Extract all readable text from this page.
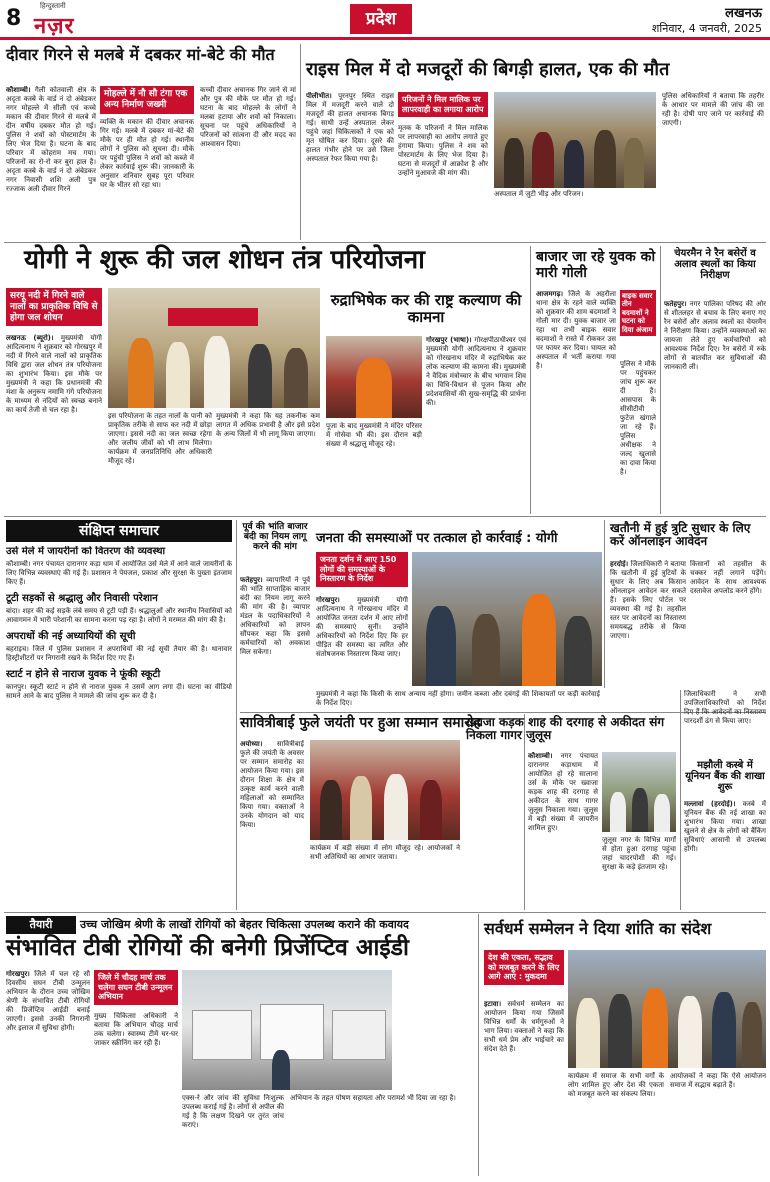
8	हिन्दुस्तानी
नज़र	प्रदेश	लखनऊ
शनिवार, 4 जनवरी, 2025
दीवार गिरने से मलबे में दबकर मां-बेटे की मौत
कौशाम्बी। गैली कोतवाली क्षेत्र के अदृता कस्बे के वार्ड नं दो अंबेडकर नगर मोहल्ले में सीली एवं कच्चे मकान की दीवार गिरने से मलबे में दीन वर्षीय दबकर मौत हो गई। पुलिस ने शवों को पोस्टमार्टम के लिए भेज दिया है। घटना के बाद परिवार में कोहराम मच गया। परिजनों का रो-रो कर बुरा हाल है। अदृता कस्बे के वार्ड नं दो अंबेडकर नगर निवासी शशि अली पुत्र रज्जाक अली दीवार गिरने
मोहल्ले में नौ सौ टंगा एक अन्य निर्माण जख्मी
व्यक्ति के मकान की दीवार अचानक गिर गई। मलबे में दबकर मां-बेटे की मौके पर ही मौत हो गई। स्थानीय लोगों ने पुलिस को सूचना दी। मौके पर पहुंची पुलिस ने शवों को कब्जे में लेकर कार्रवाई शुरू की। जानकारी के अनुसार शनिवार सुबह पूरा परिवार घर के भीतर सो रहा था।
कच्ची दीवार अचानक गिर जाने से मां और पुत्र की मौके पर मौत हो गई। घटना के बाद मोहल्ले के लोगों ने मलबा हटाया और शवों को निकाला। सूचना पर पहुंचे अधिकारियों ने परिजनों को सांत्वना दी और मदद का आश्वासन दिया।
राइस मिल में दो मजदूरों की बिगड़ी हालत, एक की मौत
पीलीभीत। पूरनपुर स्थित राइस मिल में मजदूरी करने वाले दो मजदूरों की हालत अचानक बिगड़ गई। साथी उन्हें अस्पताल लेकर पहुंचे जहां चिकित्सकों ने एक को मृत घोषित कर दिया। दूसरे की हालत गंभीर होने पर उसे जिला अस्पताल रेफर किया गया है।
परिजनों ने मिल मालिक पर लापरवाही का लगाया आरोप
मृतक के परिजनों ने मिल मालिक पर लापरवाही का आरोप लगाते हुए हंगामा किया। पुलिस ने शव को पोस्टमार्टम के लिए भेज दिया है। घटना से मजदूरों में आक्रोश है और उन्होंने मुआवजे की मांग की।
अस्पताल में जुटी भीड़ और परिजन।
पुलिस अधिकारियों ने बताया कि तहरीर के आधार पर मामले की जांच की जा रही है। दोषी पाए जाने पर कार्रवाई की जाएगी।
योगी ने शुरू की जल शोधन तंत्र परियोजना
सरयू नदी में गिरने वाले नालों का प्राकृतिक विधि से होगा जल शोधन
लखनऊ (ब्यूरो)। मुख्यमंत्री योगी आदित्यनाथ ने शुक्रवार को गोरखपुर में नदी में गिरने वाले नालों को प्राकृतिक विधि द्वारा जल शोधन तंत्र परियोजना का शुभारंभ किया। इस मौके पर मुख्यमंत्री ने कहा कि प्रधानमंत्री की मंशा के अनुरूप नमामि गंगे परियोजना के माध्यम से नदियों को स्वच्छ बनाने का कार्य तेजी से चल रहा है।
इस परियोजना के तहत नालों के पानी को प्राकृतिक तरीके से साफ कर नदी में छोड़ा जाएगा। इससे नदी का जल स्वच्छ रहेगा और जलीय जीवों को भी लाभ मिलेगा। कार्यक्रम में जनप्रतिनिधि और अधिकारी मौजूद रहे।
मुख्यमंत्री ने कहा कि यह तकनीक कम लागत में अधिक प्रभावी है और इसे प्रदेश के अन्य जिलों में भी लागू किया जाएगा।
रुद्राभिषेक कर की राष्ट्र कल्याण की कामना
गोरखपुर (भाषा)। गोरक्षपीठाधीश्वर एवं मुख्यमंत्री योगी आदित्यनाथ ने शुक्रवार को गोरखनाथ मंदिर में रुद्राभिषेक कर लोक कल्याण की कामना की। मुख्यमंत्री ने वैदिक मंत्रोच्चार के बीच भगवान शिव का विधि-विधान से पूजन किया और प्रदेशवासियों की सुख-समृद्धि की प्रार्थना की।
पूजा के बाद मुख्यमंत्री ने मंदिर परिसर में गोसेवा भी की। इस दौरान बड़ी संख्या में श्रद्धालु मौजूद रहे।
बाजार जा रहे युवक को मारी गोली
आजमगढ़। जिले के अहरौला थाना क्षेत्र के रहने वाले व्यक्ति को शुक्रवार की शाम बदमाशों ने गोली मार दी। युवक बाजार जा रहा था तभी बाइक सवार बदमाशों ने रास्ते में रोककर उस पर फायर कर दिया। घायल को अस्पताल में भर्ती कराया गया है।
बाइक सवार तीन बदमाशों ने घटना को दिया अंजाम
पुलिस ने मौके पर पहुंचकर जांच शुरू कर दी है। आसपास के सीसीटीवी फुटेज खंगाले जा रहे हैं। पुलिस अधीक्षक ने जल्द खुलासे का दावा किया है।
चेयरमैन ने रैन बसेरों व अलाव स्थलों का किया निरीक्षण
फतेहपुर। नगर पालिका परिषद की ओर से शीतलहर से बचाव के लिए बनाए गए रैन बसेरों और अलाव स्थलों का चेयरमैन ने निरीक्षण किया। उन्होंने व्यवस्थाओं का जायजा लेते हुए कर्मचारियों को आवश्यक निर्देश दिए। रैन बसेरों में रुके लोगों से बातचीत कर सुविधाओं की जानकारी ली।
संक्षिप्त समाचार
उर्स मेले में जायरीनों को वितरण की व्यवस्था
कौशाम्बी। नगर पंचायत दारानगर कड़ा धाम में आयोजित उर्स मेले में आने वाले जायरीनों के लिए विभिन्न व्यवस्थाएं की गई हैं। प्रशासन ने पेयजल, प्रकाश और सुरक्षा के पुख्ता इंतजाम किए हैं।
टूटी सड़कों से श्रद्धालु और निवासी परेशान
बांदा। शहर की कई सड़कें लंबे समय से टूटी पड़ी हैं। श्रद्धालुओं और स्थानीय निवासियों को आवागमन में भारी परेशानी का सामना करना पड़ रहा है। लोगों ने मरम्मत की मांग की है।
अपराधों की नई अध्यायियों की सूची
बहराइच। जिले में पुलिस प्रशासन ने अपराधियों की नई सूची तैयार की है। थानावार हिस्ट्रीशीटरों पर निगरानी रखने के निर्देश दिए गए हैं।
स्टार्ट न होने से नाराज युवक ने फूंकी स्कूटी
कानपुर। स्कूटी स्टार्ट न होने से नाराज युवक ने उसमें आग लगा दी। घटना का वीडियो सामने आने के बाद पुलिस ने मामले की जांच शुरू कर दी है।
पूर्व की भांति बाजार बंदी का नियम लागू करने की मांग
फतेहपुर। व्यापारियों ने पूर्व की भांति साप्ताहिक बाजार बंदी का नियम लागू करने की मांग की है। व्यापार मंडल के पदाधिकारियों ने अधिकारियों को ज्ञापन सौंपकर कहा कि इससे कर्मचारियों को अवकाश मिल सकेगा।
जनता की समस्याओं पर तत्काल हो कार्रवाई : योगी
जनता दर्शन में आए 150 लोगों की समस्याओं के निस्तारण के निर्देश
गोरखपुर। मुख्यमंत्री योगी आदित्यनाथ ने गोरखनाथ मंदिर में आयोजित जनता दर्शन में आए लोगों की समस्याएं सुनीं। उन्होंने अधिकारियों को निर्देश दिए कि हर पीड़ित की समस्या का त्वरित और संतोषजनक निस्तारण किया जाए।
खतौनी में हुई त्रुटि सुधार के लिए करें ऑनलाइन आवेदन
हरदोई। जिलाधिकारी ने बताया कि खतौनी में हुई त्रुटियों के सुधार के लिए अब किसान ऑनलाइन आवेदन कर सकते हैं। इसके लिए पोर्टल पर व्यवस्था की गई है। तहसील स्तर पर आवेदनों का निस्तारण समयबद्ध तरीके से किया जाएगा।
किसानों को तहसील के चक्कर नहीं लगाने पड़ेंगे। आवेदन के साथ आवश्यक दस्तावेज अपलोड करने होंगे।
मुख्यमंत्री ने कहा कि किसी के साथ अन्याय नहीं होगा। जमीन कब्जा और दबंगई की शिकायतों पर कड़ी कार्रवाई के निर्देश दिए।
सावित्रीबाई फुले जयंती पर हुआ सम्मान समारोह
अयोध्या। सावित्रीबाई फुले की जयंती के अवसर पर सम्मान समारोह का आयोजन किया गया। इस दौरान शिक्षा के क्षेत्र में उत्कृष्ट कार्य करने वाली महिलाओं को सम्मानित किया गया। वक्ताओं ने उनके योगदान को याद किया।
कार्यक्रम में बड़ी संख्या में लोग मौजूद रहे। आयोजकों ने सभी अतिथियों का आभार जताया।
ख्वाजा कड़क शाह की दरगाह से अकीदत संग निकला गागर जुलूस
कौशाम्बी। नगर पंचायत दारानगर कड़ाधाम में आयोजित हो रहे सालाना उर्स के मौके पर ख्वाजा कड़क शाह की दरगाह से अकीदत के साथ गागर जुलूस निकाला गया। जुलूस में बड़ी संख्या में जायरीन शामिल हुए।
जुलूस नगर के विभिन्न मार्गों से होता हुआ दरगाह पहुंचा जहां चादरपोशी की गई। सुरक्षा के कड़े इंतजाम रहे।
जिलाधिकारी ने सभी उपजिलाधिकारियों को निर्देश दिए हैं कि आवेदनों का निस्तारण पारदर्शी ढंग से किया जाए।
मझौली कस्बे में यूनियन बैंक की शाखा शुरू
मल्लावां (हरदोई)। कस्बे में यूनियन बैंक की नई शाखा का शुभारंभ किया गया। शाखा खुलने से क्षेत्र के लोगों को बैंकिंग सुविधाएं आसानी से उपलब्ध होंगी।
तैयारी	उच्च जोखिम श्रेणी के लाखों रोगियों को बेहतर चिकित्सा उपलब्ध कराने की कवायद
संभावित टीबी रोगियों की बनेगी प्रिजेंप्टिव आईडी
गोरखपुर। जिले में चल रहे सौ दिवसीय सघन टीबी उन्मूलन अभियान के दौरान उच्च जोखिम श्रेणी के संभावित टीबी रोगियों की प्रिजेंप्टिव आईडी बनाई जाएगी। इससे उनकी निगरानी और इलाज में सुविधा होगी।
जिले में चौदह मार्च तक चलेगा सघन टीबी उन्मूलन अभियान
मुख्य चिकित्सा अधिकारी ने बताया कि अभियान चौदह मार्च तक चलेगा। स्वास्थ्य टीमें घर-घर जाकर स्क्रीनिंग कर रही हैं।
एक्स-रे और जांच की सुविधा निःशुल्क उपलब्ध कराई गई है। लोगों से अपील की गई है कि लक्षण दिखने पर तुरंत जांच कराएं।
अभियान के तहत पोषण सहायता और परामर्श भी दिया जा रहा है।
सर्वधर्म सम्मेलन ने दिया शांति का संदेश
देश की एकता, सद्भाव को मजबूत करने के लिए आगे आएं : मुकदमा
इटावा। सर्वधर्म सम्मेलन का आयोजन किया गया जिसमें विभिन्न धर्मों के धर्मगुरुओं ने भाग लिया। वक्ताओं ने कहा कि सभी धर्म प्रेम और भाईचारे का संदेश देते हैं।
कार्यक्रम में समाज के सभी वर्गों के लोग शामिल हुए और देश की एकता को मजबूत करने का संकल्प लिया।
आयोजकों ने कहा कि ऐसे आयोजन समाज में सद्भाव बढ़ाते हैं।
